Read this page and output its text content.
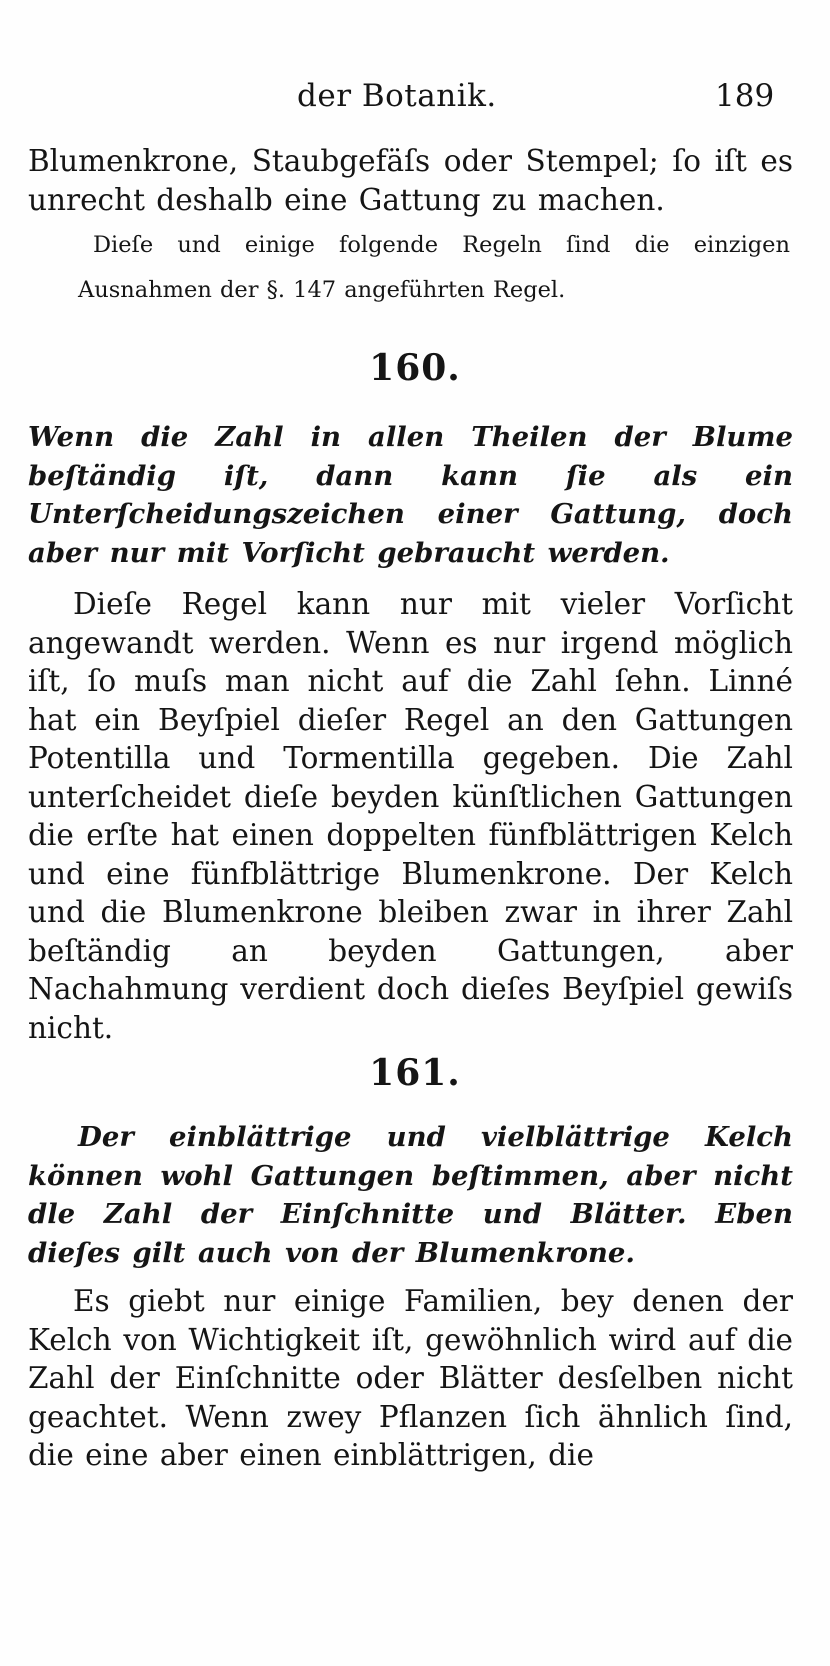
der Botanik.	189

Blumenkrone, Staubgefäſs oder Stempel; ſo iſt es unrecht deshalb eine Gattung zu machen.

Dieſe und einige folgende Regeln ſind die einzigen Ausnahmen der §. 147 angeführten Regel.

160.

Wenn die Zahl in allen Theilen der Blume beſtändig iſt, dann kann ſie als ein Unterſcheidungszeichen einer Gattung, doch aber nur mit Vorſicht gebraucht werden.

Dieſe Regel kann nur mit vieler Vorſicht angewandt werden. Wenn es nur irgend möglich iſt, ſo muſs man nicht auf die Zahl ſehn. Linné hat ein Beyſpiel dieſer Regel an den Gattungen Potentilla und Tormentilla gegeben. Die Zahl unterſcheidet dieſe beyden künſtlichen Gattungen die erſte hat einen doppelten fünfblättrigen Kelch und eine fünfblättrige Blumenkrone. Der Kelch und die Blumenkrone bleiben zwar in ihrer Zahl beſtändig an beyden Gattungen, aber Nachahmung verdient doch dieſes Beyſpiel gewiſs nicht.

161.

Der einblättrige und vielblättrige Kelch können wohl Gattungen beſtimmen, aber nicht dle Zahl der Einſchnitte und Blätter. Eben dieſes gilt auch von der Blumenkrone.

Es giebt nur einige Familien, bey denen der Kelch von Wichtigkeit iſt, gewöhnlich wird auf die Zahl der Einſchnitte oder Blätter desſelben nicht geachtet. Wenn zwey Pflanzen ſich ähnlich ſind, die eine aber einen einblättrigen, die
